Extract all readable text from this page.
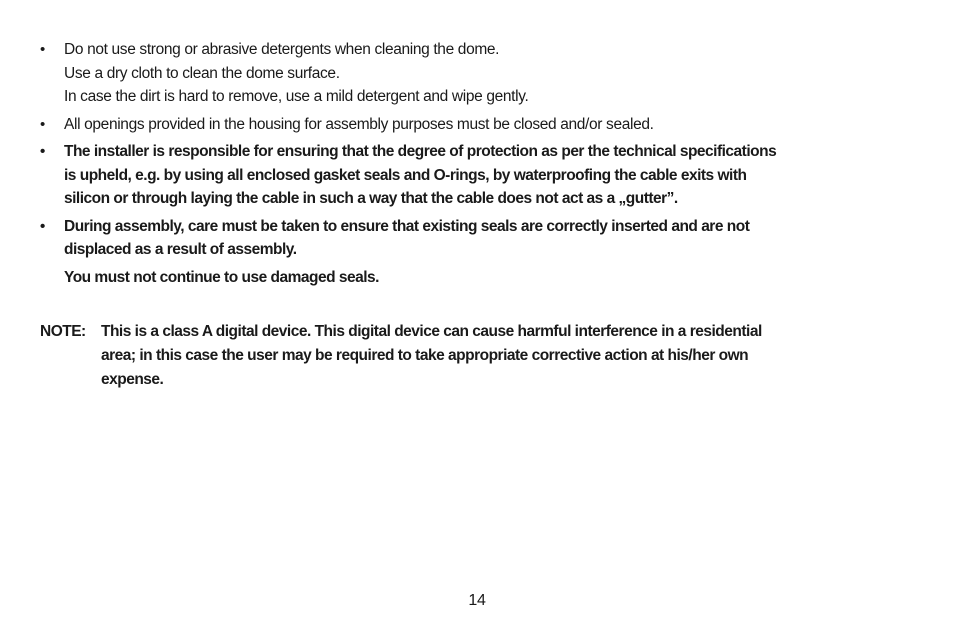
•	Do not use strong or abrasive detergents when cleaning the dome.
Use a dry cloth to clean the dome surface.
In case the dirt is hard to remove, use a mild detergent and wipe gently.
•	All openings provided in the housing for assembly purposes must be closed and/or sealed.
•	The installer is responsible for ensuring that the degree of protection as per the technical specifications
is upheld, e.g. by using all enclosed gasket seals and O-rings, by waterproofing the cable exits with
silicon or through laying the cable in such a way that the cable does not act as a „gutter”.
•	During assembly, care must be taken to ensure that existing seals are correctly inserted and are not
displaced as a result of assembly.
You must not continue to use damaged seals.
NOTE: This is a class A digital device. This digital device can cause harmful interference in a residential
area; in this case the user may be required to take appropriate corrective action at his/her own
expense.
14
